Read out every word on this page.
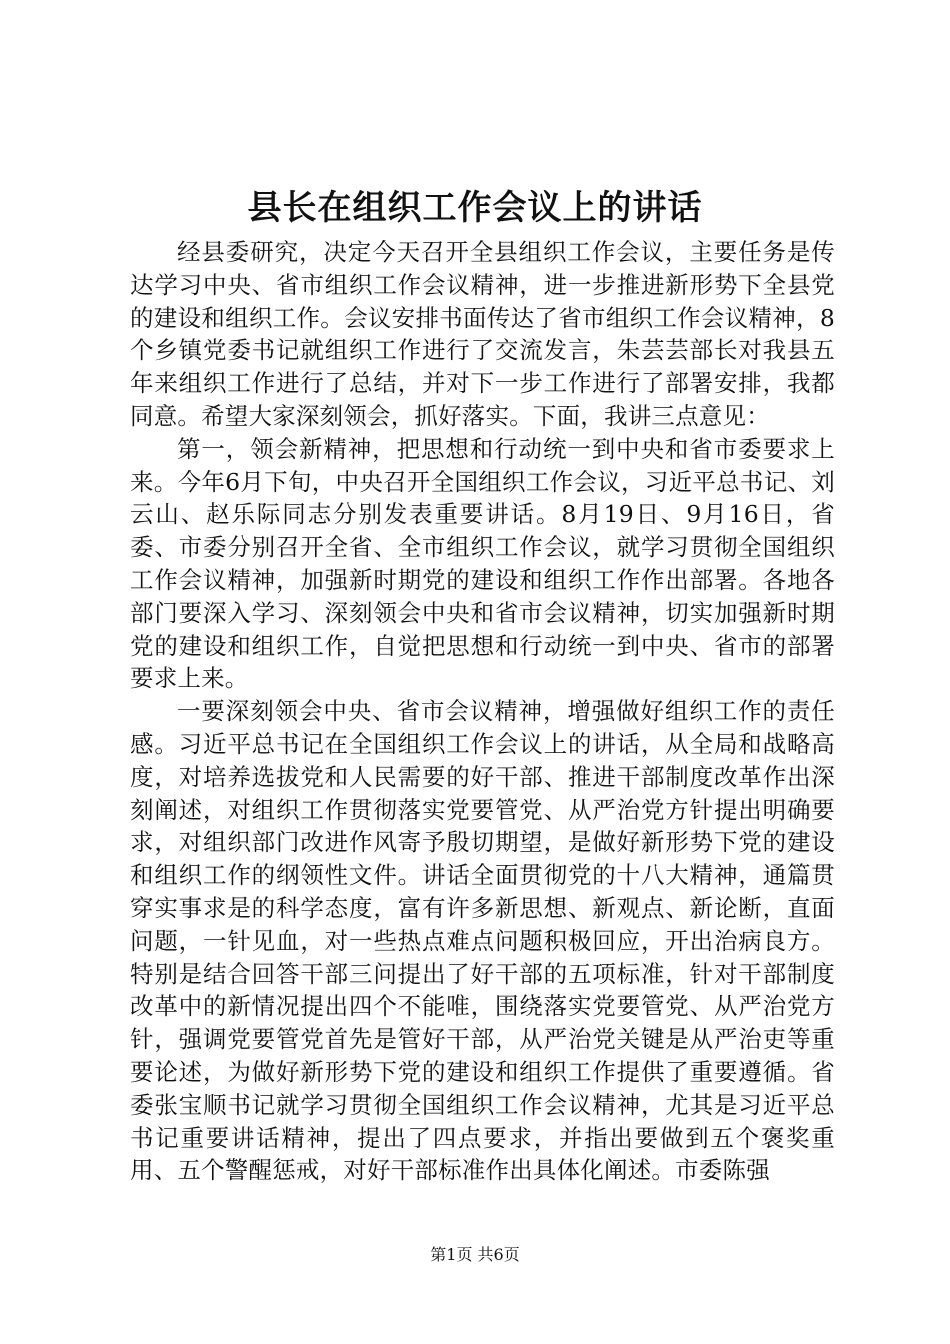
县长在组织工作会议上的讲话

经县委研究，决定今天召开全县组织工作会议，主要任务是传达学习中央、省市组织工作会议精神，进一步推进新形势下全县党的建设和组织工作。会议安排书面传达了省市组织工作会议精神，8个乡镇党委书记就组织工作进行了交流发言，朱芸芸部长对我县五年来组织工作进行了总结，并对下一步工作进行了部署安排，我都同意。希望大家深刻领会，抓好落实。下面，我讲三点意见：

第一，领会新精神，把思想和行动统一到中央和省市委要求上来。今年6月下旬，中央召开全国组织工作会议，习近平总书记、刘云山、赵乐际同志分别发表重要讲话。8月19日、9月16日，省委、市委分别召开全省、全市组织工作会议，就学习贯彻全国组织工作会议精神，加强新时期党的建设和组织工作作出部署。各地各部门要深入学习、深刻领会中央和省市会议精神，切实加强新时期党的建设和组织工作，自觉把思想和行动统一到中央、省市的部署要求上来。

一要深刻领会中央、省市会议精神，增强做好组织工作的责任感。习近平总书记在全国组织工作会议上的讲话，从全局和战略高度，对培养选拔党和人民需要的好干部、推进干部制度改革作出深刻阐述，对组织工作贯彻落实党要管党、从严治党方针提出明确要求，对组织部门改进作风寄予殷切期望，是做好新形势下党的建设和组织工作的纲领性文件。讲话全面贯彻党的十八大精神，通篇贯穿实事求是的科学态度，富有许多新思想、新观点、新论断，直面问题，一针见血，对一些热点难点问题积极回应，开出治病良方。特别是结合回答干部三问提出了好干部的五项标准，针对干部制度改革中的新情况提出四个不能唯，围绕落实党要管党、从严治党方针，强调党要管党首先是管好干部，从严治党关键是从严治吏等重要论述，为做好新形势下党的建设和组织工作提供了重要遵循。省委张宝顺书记就学习贯彻全国组织工作会议精神，尤其是习近平总书记重要讲话精神，提出了四点要求，并指出要做到五个褒奖重用、五个警醒惩戒，对好干部标准作出具体化阐述。市委陈强

第1页 共6页
